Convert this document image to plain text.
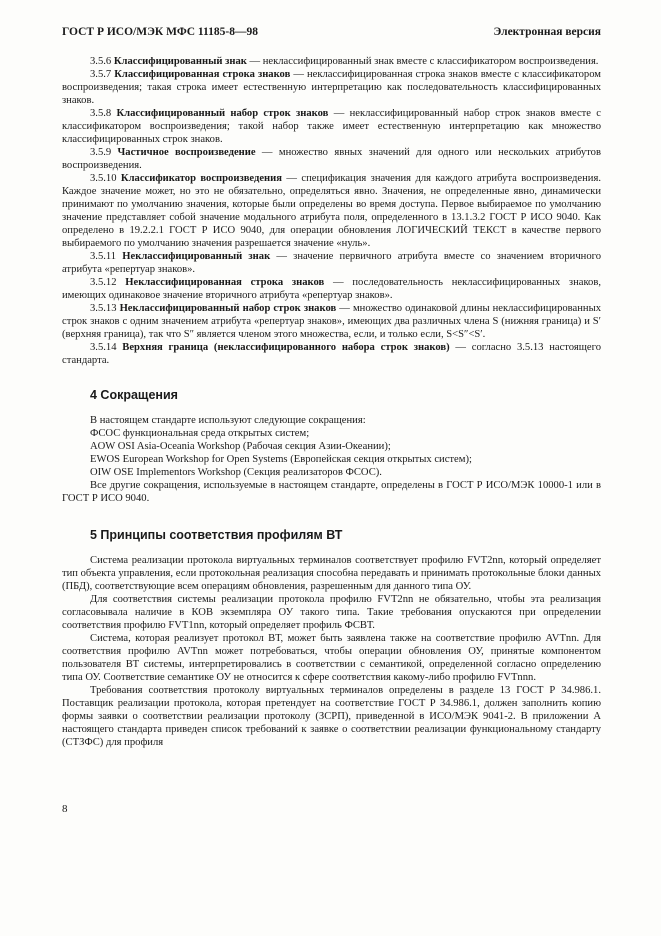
ГОСТ Р ИСО/МЭК МФС 11185-8—98	Электронная версия

3.5.6 Классифицированный знак — неклассифицированный знак вместе с классификатором воспроизведения.

3.5.7 Классифицированная строка знаков — неклассифицированная строка знаков вместе с классификатором воспроизведения; такая строка имеет естественную интерпретацию как последовательность классифицированных знаков.

3.5.8 Классифицированный набор строк знаков — неклассифицированный набор строк знаков вместе с классификатором воспроизведения; такой набор также имеет естественную интерпретацию как множество классифицированных строк знаков.

3.5.9 Частичное воспроизведение — множество явных значений для одного или нескольких атрибутов воспроизведения.

3.5.10 Классификатор воспроизведения — спецификация значения для каждого атрибута воспроизведения. Каждое значение может, но это не обязательно, определяться явно. Значения, не определенные явно, динамически принимают по умолчанию значения, которые были определены во время доступа. Первое выбираемое по умолчанию значение представляет собой значение модального атрибута поля, определенного в 13.1.3.2 ГОСТ Р ИСО 9040. Как определено в 19.2.2.1 ГОСТ Р ИСО 9040, для операции обновления ЛОГИЧЕСКИЙ ТЕКСТ в качестве первого выбираемого по умолчанию значения разрешается значение «нуль».

3.5.11 Неклассифицированный знак — значение первичного атрибута вместе со значением вторичного атрибута «репертуар знаков».

3.5.12 Неклассифицированная строка знаков — последовательность неклассифицированных знаков, имеющих одинаковое значение вторичного атрибута «репертуар знаков».

3.5.13 Неклассифицированный набор строк знаков — множество одинаковой длины неклассифицированных строк знаков с одним значением атрибута «репертуар знаков», имеющих два различных члена S (нижняя граница) и S′ (верхняя граница), так что S″ является членом этого множества, если, и только если, S<S″<S′.

3.5.14 Верхняя граница (неклассифицированного набора строк знаков) — согласно 3.5.13 настоящего стандарта.

4 Сокращения

В настоящем стандарте используют следующие сокращения:

ФСОС функциональная среда открытых систем;

AOW OSI Asia-Oceania Workshop (Рабочая секция Азии-Океании);

EWOS European Workshop for Open Systems (Европейская секция открытых систем);

OIW OSE Implementors Workshop (Секция реализаторов ФСОС).

Все другие сокращения, используемые в настоящем стандарте, определены в ГОСТ Р ИСО/МЭК 10000-1 или в ГОСТ Р ИСО 9040.

5 Принципы соответствия профилям ВТ

Система реализации протокола виртуальных терминалов соответствует профилю FVT2nn, который определяет тип объекта управления, если протокольная реализация способна передавать и принимать протокольные блоки данных (ПБД), соответствующие всем операциям обновления, разрешенным для данного типа ОУ.

Для соответствия системы реализации протокола профилю FVT2nn не обязательно, чтобы эта реализация согласовывала наличие в КОВ экземпляра ОУ такого типа. Такие требования опускаются при определении соответствия профилю FVT1nn, который определяет профиль ФСВТ.

Система, которая реализует протокол ВТ, может быть заявлена также на соответствие профилю AVTnn. Для соответствия профилю AVTnn может потребоваться, чтобы операции обновления ОУ, принятые компонентом пользователя ВТ системы, интерпретировались в соответствии с семантикой, определенной согласно определению типа ОУ. Соответствие семантике ОУ не относится к сфере соответствия какому-либо профилю FVTnnn.

Требования соответствия протоколу виртуальных терминалов определены в разделе 13 ГОСТ Р 34.986.1. Поставщик реализации протокола, которая претендует на соответствие ГОСТ Р 34.986.1, должен заполнить копию формы заявки о соответствии реализации протоколу (ЗСРП), приведенной в ИСО/МЭК 9041-2. В приложении А настоящего стандарта приведен список требований к заявке о соответствии реализации функциональному стандарту (СТЗФС) для профиля

8
